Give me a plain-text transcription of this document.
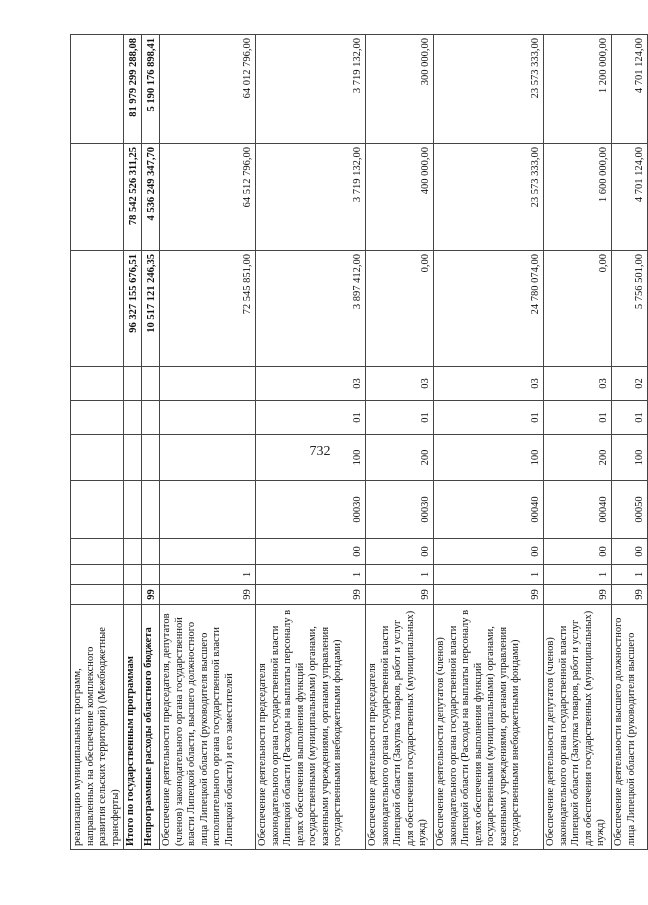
732
реализацию муниципальных программ, направленных на обеспечение комплексного развития сельских территорий) (Межбюджетные трансферты)										
Итого по государственным программам								96 327 155 676,51	78 542 526 311,25	81 979 299 288,08
Непрограммные расходы областного бюджета	99							10 517 121 246,35	4 536 249 347,70	5 190 176 898,41
Обеспечение деятельности председателя, депутатов (членов) законодательного органа государственной власти Липецкой области, высшего должностного лица Липецкой области (руководителя высшего исполнительного органа государственной власти Липецкой области) и его заместителей	99	1						72 545 851,00	64 512 796,00	64 012 796,00
Обеспечение деятельности председателя законодательного органа государственной власти Липецкой области (Расходы на выплаты персоналу в целях обеспечения выполнения функций государственными (муниципальными) органами, казенными учреждениями, органами управления государственными внебюджетными фондами)	99	1	00	00030	100	01	03	3 897 412,00	3 719 132,00	3 719 132,00
Обеспечение деятельности председателя законодательного органа государственной власти Липецкой области (Закупка товаров, работ и услуг для обеспечения государственных (муниципальных) нужд)	99	1	00	00030	200	01	03	0,00	400 000,00	300 000,00
Обеспечение деятельности депутатов (членов) законодательного органа государственной власти Липецкой области (Расходы на выплаты персоналу в целях обеспечения выполнения функций государственными (муниципальными) органами, казенными учреждениями, органами управления государственными внебюджетными фондами)	99	1	00	00040	100	01	03	24 780 074,00	23 573 333,00	23 573 333,00
Обеспечение деятельности депутатов (членов) законодательного органа государственной власти Липецкой области (Закупка товаров, работ и услуг для обеспечения государственных (муниципальных) нужд)	99	1	00	00040	200	01	03	0,00	1 600 000,00	1 200 000,00
Обеспечение деятельности высшего должностного лица Липецкой области (руководителя высшего	99	1	00	00050	100	01	02	5 756 501,00	4 701 124,00	4 701 124,00
